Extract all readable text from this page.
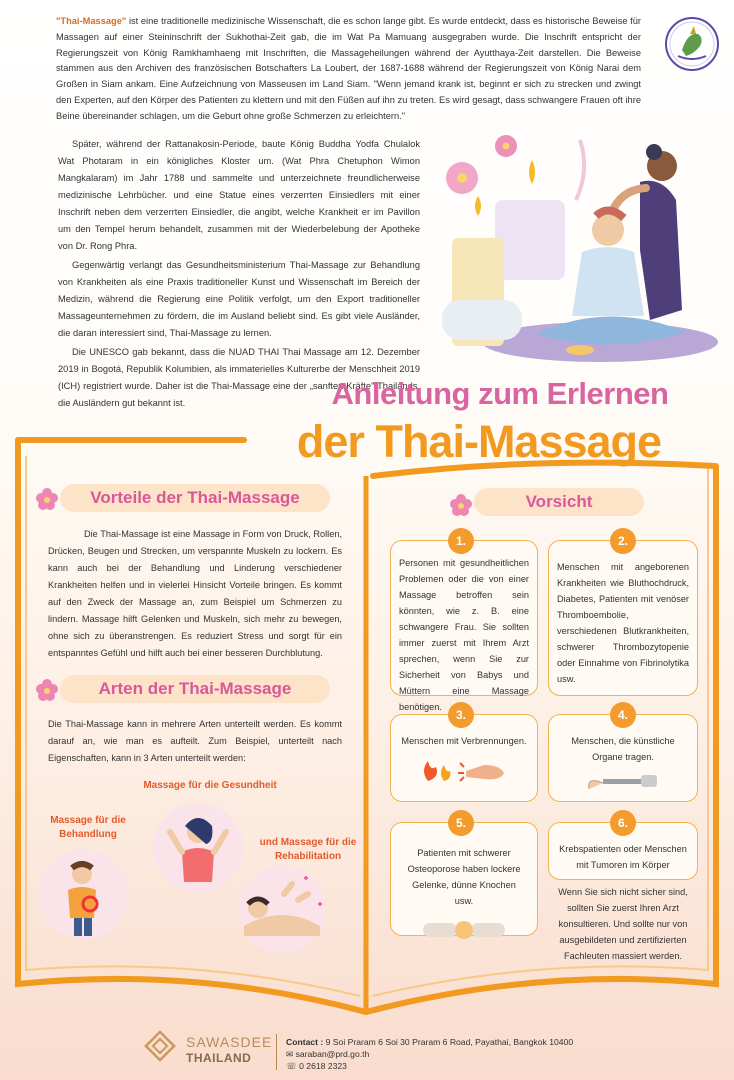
"Thai-Massage" ist eine traditionelle medizinische Wissenschaft, die es schon lange gibt. Es wurde entdeckt, dass es historische Beweise für Massagen auf einer Steininschrift der Sukhothai-Zeit gab, die im Wat Pa Mamuang ausgegraben wurde. Die Inschrift entspricht der Regierungszeit von König Ramkhamhaeng mit Inschriften, die Massageheilungen während der Ayutthaya-Zeit darstellen. Die Beweise stammen aus den Archiven des französischen Botschafters La Loubert, der 1687-1688 während der Regierungszeit von König Narai dem Großen in Siam ankam. Eine Aufzeichnung von Masseusen im Land Siam. "Wenn jemand krank ist, beginnt er sich zu strecken und zwingt den Experten, auf den Körper des Patienten zu klettern und mit den Füßen auf ihn zu treten. Es wird gesagt, dass schwangere Frauen oft ihre Beine übereinander schlagen, um die Geburt ohne große Schmerzen zu erleichtern."

Später, während der Rattanakosin-Periode, baute König Buddha Yodfa Chulalok Wat Photaram in ein königliches Kloster um. (Wat Phra Chetuphon Wimon Mangkalaram) im Jahr 1788 und sammelte und unterzeichnete freundlicherweise medizinische Lehrbücher. und eine Statue eines verzerrten Einsiedlers mit einer Inschrift neben dem verzerrten Einsiedler, die angibt, welche Krankheit er im Pavillon um den Tempel herum behandelt, zusammen mit der Wiederbelebung der Apotheke von Dr. Rong Phra.

Gegenwärtig verlangt das Gesundheitsministerium Thai-Massage zur Behandlung von Krankheiten als eine Praxis traditioneller Kunst und Wissenschaft im Bereich der Medizin, während die Regierung eine Politik verfolgt, um den Export traditioneller Massageunternehmen zu fördern, die im Ausland beliebt sind. Es gibt viele Ausländer, die daran interessiert sind, Thai-Massage zu lernen.

Die UNESCO gab bekannt, dass die NUAD THAI Thai Massage am 12. Dezember 2019 in Bogotá, Republik Kolumbien, als immaterielles Kulturerbe der Menschheit 2019 (ICH) registriert wurde. Daher ist die Thai-Massage eine der „sanften Kräfte" Thailands, die Ausländern gut bekannt ist.	Anleitung zum Erlernen
der Thai-Massage
Vorteile der Thai-Massage

Die Thai-Massage ist eine Massage in Form von Druck, Rollen, Drücken, Beugen und Strecken, um verspannte Muskeln zu lockern. Es kann auch bei der Behandlung und Linderung verschiedener Krankheiten helfen und in vielerlei Hinsicht Vorteile bringen. Es kommt auf den Zweck der Massage an, zum Beispiel um Schmerzen zu lindern. Massage hilft Gelenken und Muskeln, sich mehr zu bewegen, ohne sich zu überanstrengen. Es reduziert Stress und sorgt für ein entspanntes Gefühl und hilft auch bei einer besseren Durchblutung.

Arten der Thai-Massage

Die Thai-Massage kann in mehrere Arten unterteilt werden. Es kommt darauf an, wie man es aufteilt. Zum Beispiel, unterteilt nach Eigenschaften, kann in 3 Arten unterteilt werden:

Massage für die Gesundheit
Massage für die Behandlung
und Massage für die Rehabilitation
Vorsicht
Personen mit gesundheitlichen Problemen oder die von einer Massage betroffen sein könnten, wie z. B. eine schwangere Frau. Sie sollten immer zuerst mit Ihrem Arzt sprechen, wenn Sie zur Sicherheit von Babys und Müttern eine Massage benötigen.
1.
Menschen mit angeborenen Krankheiten wie Bluthochdruck, Diabetes, Patienten mit venöser Thromboembolie, verschiedenen Blutkrankheiten, schwerer Thrombozytopenie oder Einnahme von Fibrinolytika usw.
2.
Menschen mit Verbrennungen.
3.
Menschen, die künstliche Organe tragen.
4.
Patienten mit schwerer Osteoporose haben lockere Gelenke, dünne Knochen usw.
5.
Krebspatienten oder Menschen mit Tumoren im Körper
6.

Wenn Sie sich nicht sicher sind, sollten Sie zuerst Ihren Arzt konsultieren. Und sollte nur von ausgebildeten und zertifizierten Fachleuten massiert werden.

SAWASDEE
THAILAND
Contact : 9 Soi Praram 6 Soi 30 Praram 6 Road, Payathai, Bangkok 10400
✉ saraban@prd.go.th
☏ 0 2618 2323
